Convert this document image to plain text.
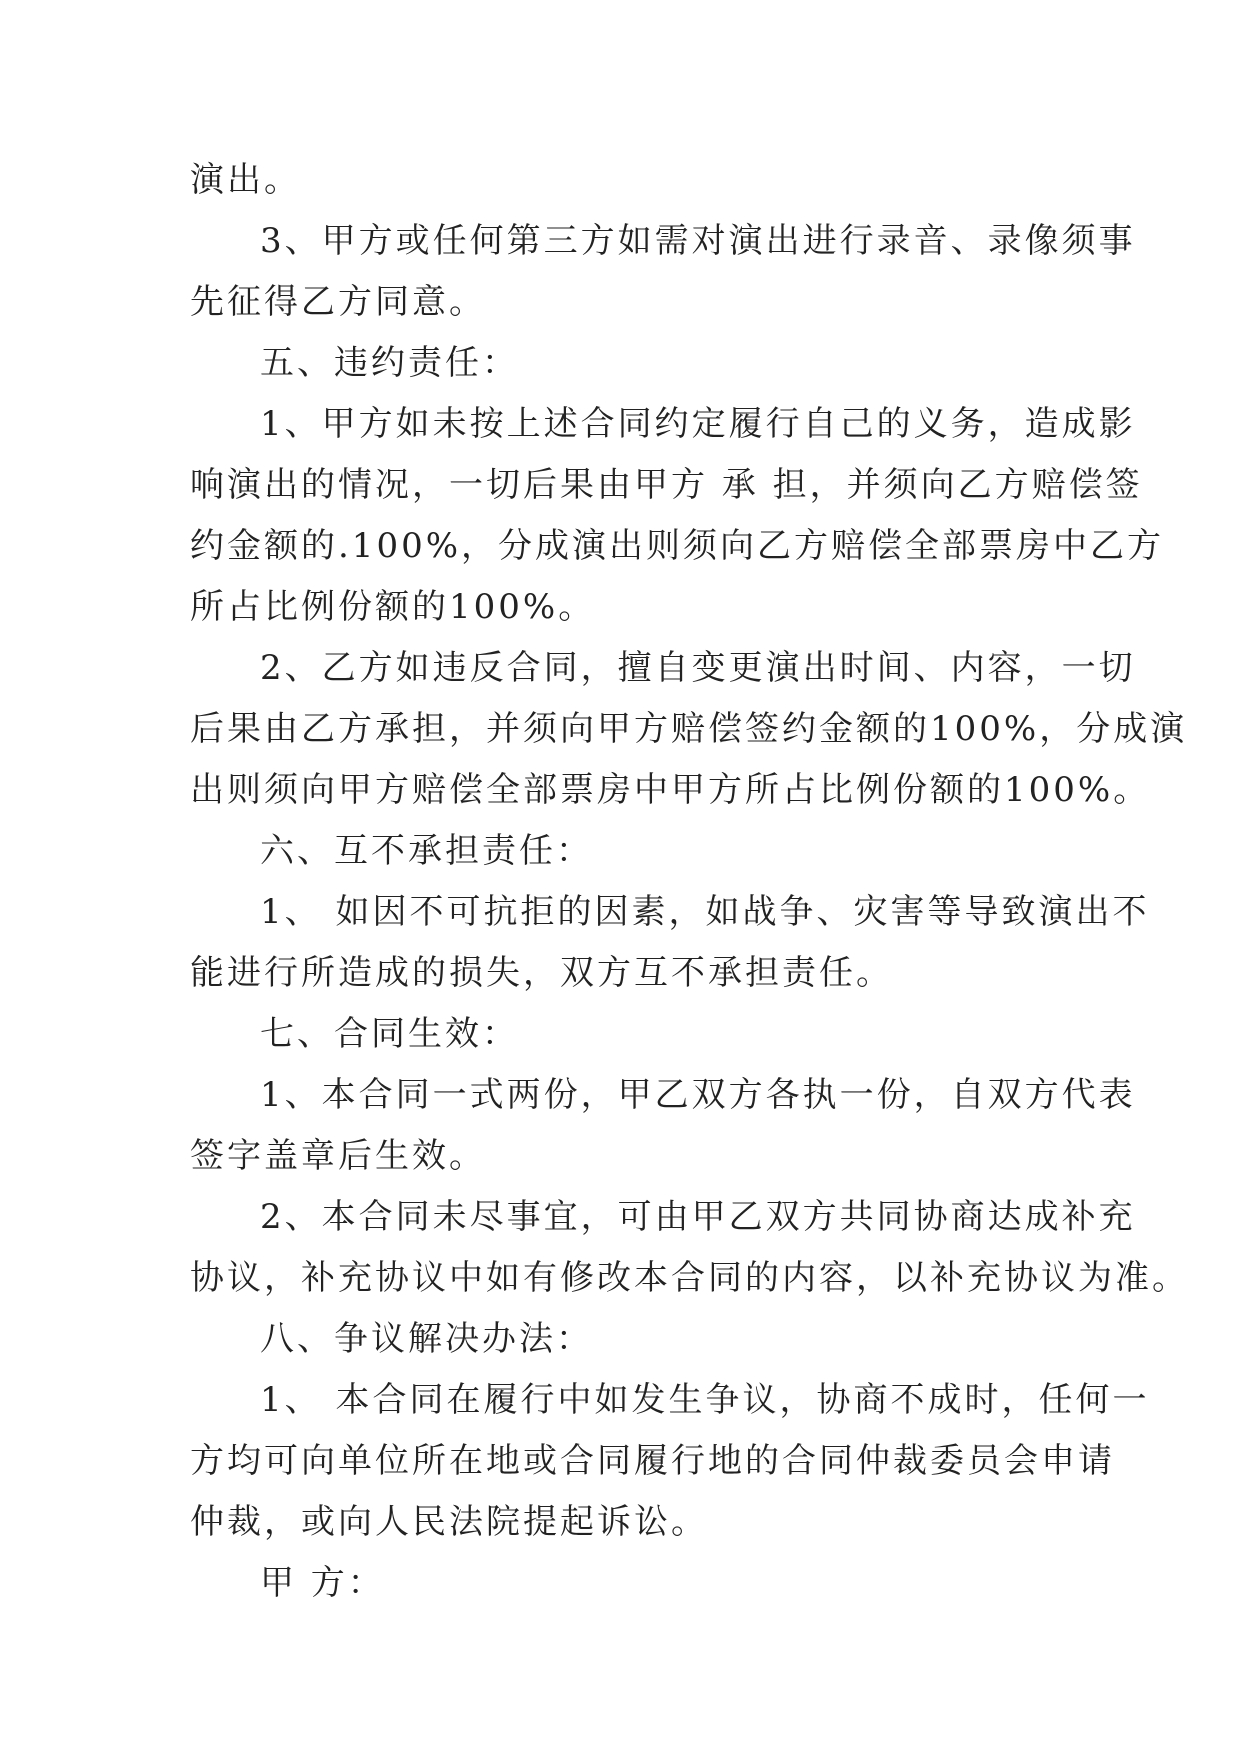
演出。
3、甲方或任何第三方如需对演出进行录音、录像须事
先征得乙方同意。
五、违约责任：
1、甲方如未按上述合同约定履行自己的义务，造成影
响演出的情况，一切后果由甲方 承 担，并须向乙方赔偿签
约金额的.100%，分成演出则须向乙方赔偿全部票房中乙方
所占比例份额的100%。
2、乙方如违反合同，擅自变更演出时间、内容，一切
后果由乙方承担，并须向甲方赔偿签约金额的100%，分成演
出则须向甲方赔偿全部票房中甲方所占比例份额的100%。
六、互不承担责任：
1、 如因不可抗拒的因素，如战争、灾害等导致演出不
能进行所造成的损失，双方互不承担责任。
七、合同生效：
1、本合同一式两份，甲乙双方各执一份，自双方代表
签字盖章后生效。
2、本合同未尽事宜，可由甲乙双方共同协商达成补充
协议，补充协议中如有修改本合同的内容，以补充协议为准。
八、争议解决办法：
1、 本合同在履行中如发生争议，协商不成时，任何一
方均可向单位所在地或合同履行地的合同仲裁委员会申请
仲裁，或向人民法院提起诉讼。
甲 方：
